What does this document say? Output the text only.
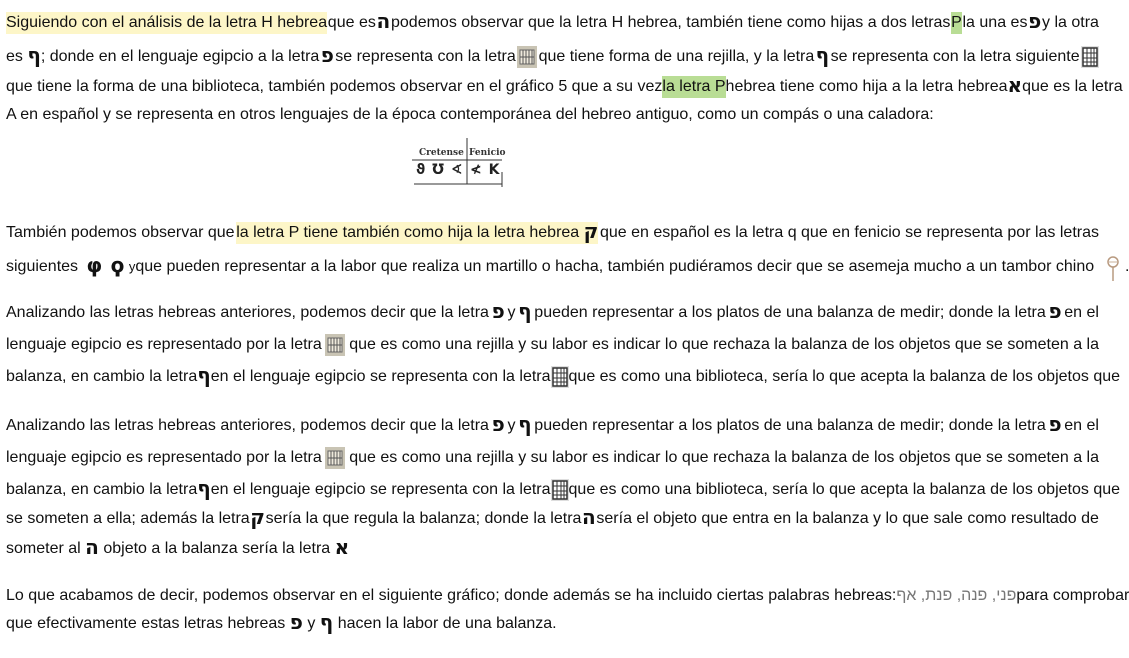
Siguiendo con el análisis de la letra H hebrea que es ה podemos observar que la letra H hebrea, también tiene como hijas a dos letras P la una es פ y la otra
es ף; donde en el lenguaje egipcio a la letra פ se representa con la letra que tiene forma de una rejilla, y la letra ף se representa con la letra siguiente
que tiene la forma de una biblioteca, también podemos observar en el gráfico 5 que a su vez la letra P hebrea tiene como hija a la letra hebrea א que es la letra
A en español y se representa en otros lenguajes de la época contemporánea del hebreo antiguo, como un compás o una caladora:
Cretense Fenicio
ϑ Ʊ ∢ ≮ K
También podemos observar que la letra P tiene también como hija la letra hebrea ק que en español es la letra q que en fenicio se representa por las letras
siguientes φ ϙ yque pueden representar a la labor que realiza un martillo o hacha, también pudiéramos decir que se asemeja mucho a un tambor chino
Analizando las letras hebreas anteriores, podemos decir que la letra פ y ף pueden representar a los platos de una balanza de medir; donde la letra פ en el
lenguaje egipcio es representado por la letra que es como una rejilla y su labor es indicar lo que rechaza la balanza de los objetos que se someten a la
balanza, en cambio la letra ף en el lenguaje egipcio se representa con la letra que es como una biblioteca, sería lo que acepta la balanza de los objetos que
Analizando las letras hebreas anteriores, podemos decir que la letra פ y ף pueden representar a los platos de una balanza de medir; donde la letra פ en el
lenguaje egipcio es representado por la letra que es como una rejilla y su labor es indicar lo que rechaza la balanza de los objetos que se someten a la
balanza, en cambio la letra ף en el lenguaje egipcio se representa con la letra que es como una biblioteca, sería lo que acepta la balanza de los objetos que
se someten a ella; además la letra ק sería la que regula la balanza; donde la letra ה sería el objeto que entra en la balanza y lo que sale como resultado de
someter al ה objeto a la balanza sería la letra א
Lo que acabamos de decir, podemos observar en el siguiente gráfico; donde además se ha incluido ciertas palabras hebreas: פני, פנה, פנת, אף para comprobar
que efectivamente estas letras hebreas פ y ף hacen la labor de una balanza.
